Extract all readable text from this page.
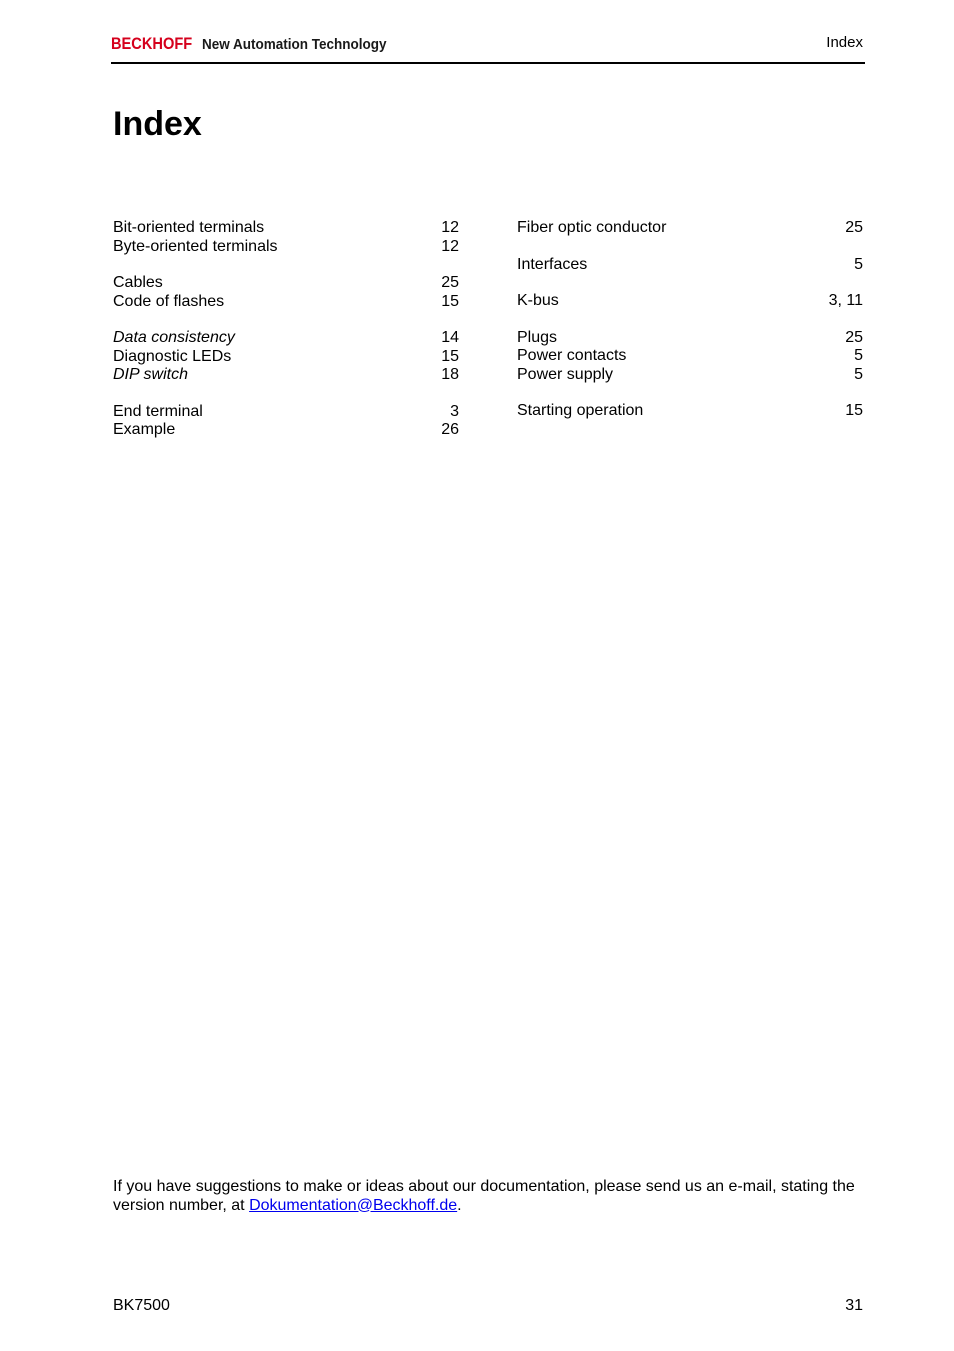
BECKHOFF New Automation Technology	Index
Index
Bit-oriented terminals	12
Byte-oriented terminals	12
Cables	25
Code of flashes	15
Data consistency	14
Diagnostic LEDs	15
DIP switch	18
End terminal	3
Example	26
Fiber optic conductor	25
Interfaces	5
K-bus	3, 11
Plugs	25
Power contacts	5
Power supply	5
Starting operation	15

If you have suggestions to make or ideas about our documentation, please send us an e-mail, stating the version number, at Dokumentation@Beckhoff.de.

BK7500	31
